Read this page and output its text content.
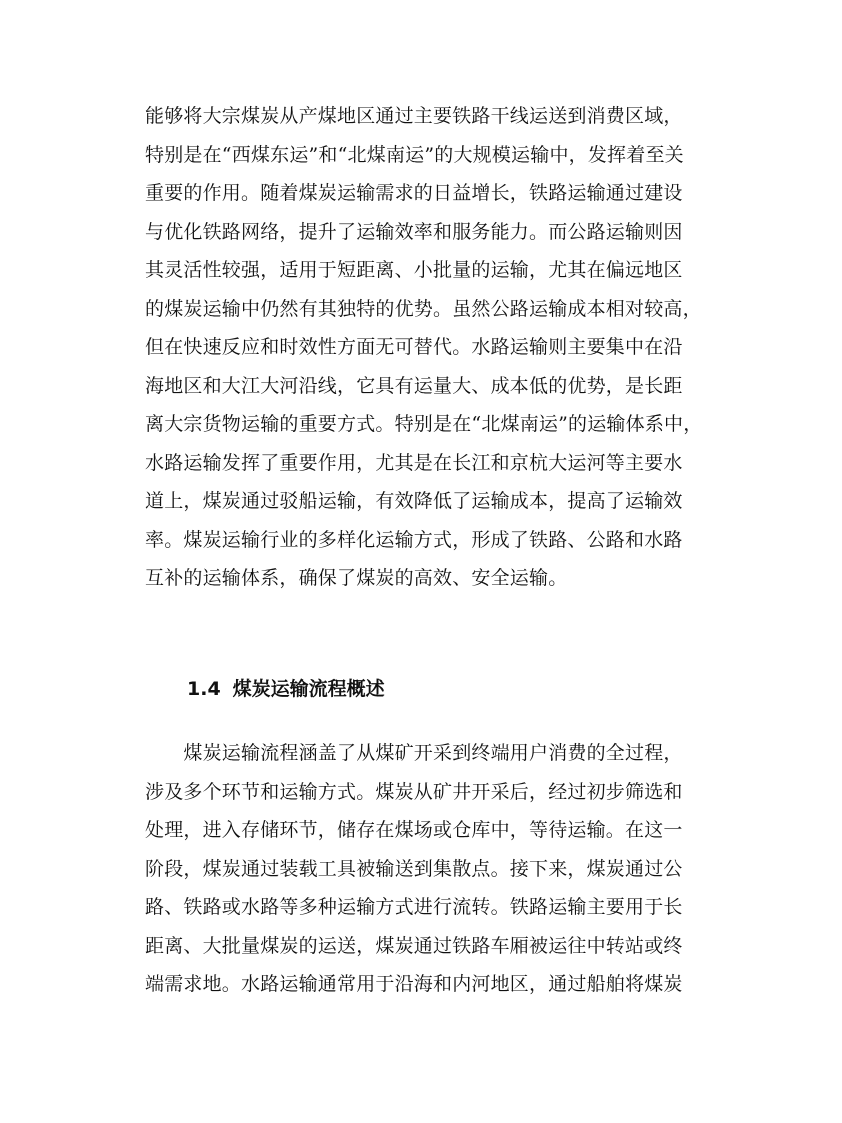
能够将大宗煤炭从产煤地区通过主要铁路干线运送到消费区域，
特别是在“西煤东运”和“北煤南运”的大规模运输中，发挥着至关
重要的作用。随着煤炭运输需求的日益增长，铁路运输通过建设
与优化铁路网络，提升了运输效率和服务能力。而公路运输则因
其灵活性较强，适用于短距离、小批量的运输，尤其在偏远地区
的煤炭运输中仍然有其独特的优势。虽然公路运输成本相对较高，
但在快速反应和时效性方面无可替代。水路运输则主要集中在沿
海地区和大江大河沿线，它具有运量大、成本低的优势，是长距
离大宗货物运输的重要方式。特别是在“北煤南运”的运输体系中，
水路运输发挥了重要作用，尤其是在长江和京杭大运河等主要水
道上，煤炭通过驳船运输，有效降低了运输成本，提高了运输效
率。煤炭运输行业的多样化运输方式，形成了铁路、公路和水路
互补的运输体系，确保了煤炭的高效、安全运输。
1.4 煤炭运输流程概述
　　煤炭运输流程涵盖了从煤矿开采到终端用户消费的全过程，
涉及多个环节和运输方式。煤炭从矿井开采后，经过初步筛选和
处理，进入存储环节，储存在煤场或仓库中，等待运输。在这一
阶段，煤炭通过装载工具被输送到集散点。接下来，煤炭通过公
路、铁路或水路等多种运输方式进行流转。铁路运输主要用于长
距离、大批量煤炭的运送，煤炭通过铁路车厢被运往中转站或终
端需求地。水路运输通常用于沿海和内河地区，通过船舶将煤炭
